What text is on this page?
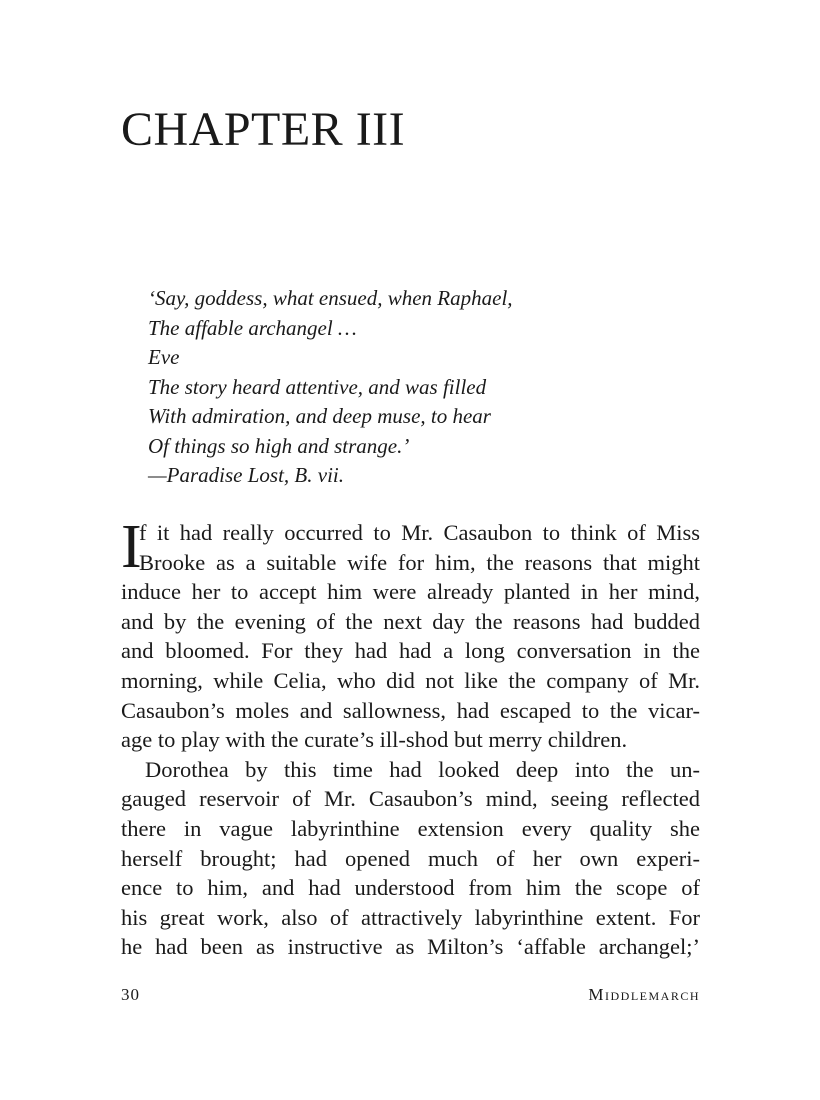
CHAPTER III
‘Say, goddess, what ensued, when Raphael,
The affable archangel …
Eve
The story heard attentive, and was filled
With admiration, and deep muse, to hear
Of things so high and strange.’
—Paradise Lost, B. vii.
I
f it had really occurred to Mr. Casaubon to think of Miss
Brooke as a suitable wife for him, the reasons that might
induce her to accept him were already planted in her mind,
and by the evening of the next day the reasons had budded
and bloomed. For they had had a long conversation in the
morning, while Celia, who did not like the company of Mr.
Casaubon’s moles and sallowness, had escaped to the vicar-
age to play with the curate’s ill-shod but merry children.
Dorothea by this time had looked deep into the un-
gauged reservoir of Mr. Casaubon’s mind, seeing reflected
there in vague labyrinthine extension every quality she
herself brought; had opened much of her own experi-
ence to him, and had understood from him the scope of
his great work, also of attractively labyrinthine extent. For
he had been as instructive as Milton’s ‘affable archangel;’
30	Middlemarch
